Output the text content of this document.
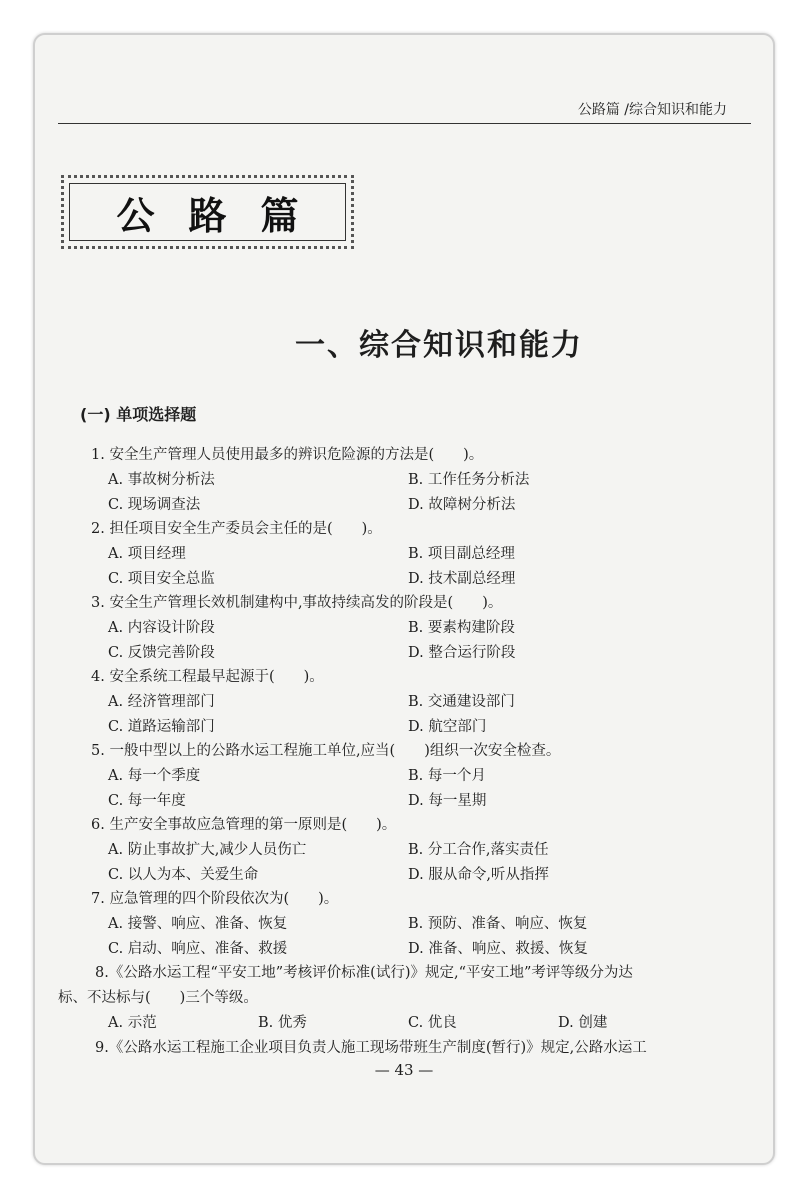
公路篇 /综合知识和能力
公路篇
一、综合知识和能力
(一) 单项选择题
1. 安全生产管理人员使用最多的辨识危险源的方法是(　　)。
A. 事故树分析法	B. 工作任务分析法
C. 现场调查法	D. 故障树分析法
2. 担任项目安全生产委员会主任的是(　　)。
A. 项目经理	B. 项目副总经理
C. 项目安全总监	D. 技术副总经理
3. 安全生产管理长效机制建构中,事故持续高发的阶段是(　　)。
A. 内容设计阶段	B. 要素构建阶段
C. 反馈完善阶段	D. 整合运行阶段
4. 安全系统工程最早起源于(　　)。
A. 经济管理部门	B. 交通建设部门
C. 道路运输部门	D. 航空部门
5. 一般中型以上的公路水运工程施工单位,应当(　　)组织一次安全检查。
A. 每一个季度	B. 每一个月
C. 每一年度	D. 每一星期
6. 生产安全事故应急管理的第一原则是(　　)。
A. 防止事故扩大,减少人员伤亡	B. 分工合作,落实责任
C. 以人为本、关爱生命	D. 服从命令,听从指挥
7. 应急管理的四个阶段依次为(　　)。
A. 接警、响应、准备、恢复	B. 预防、准备、响应、恢复
C. 启动、响应、准备、救援	D. 准备、响应、救援、恢复
8.《公路水运工程“平安工地”考核评价标准(试行)》规定,“平安工地”考评等级分为达
标、不达标与(　　)三个等级。
A. 示范	B. 优秀	C. 优良	D. 创建
9.《公路水运工程施工企业项目负责人施工现场带班生产制度(暂行)》规定,公路水运工
— 43 —
